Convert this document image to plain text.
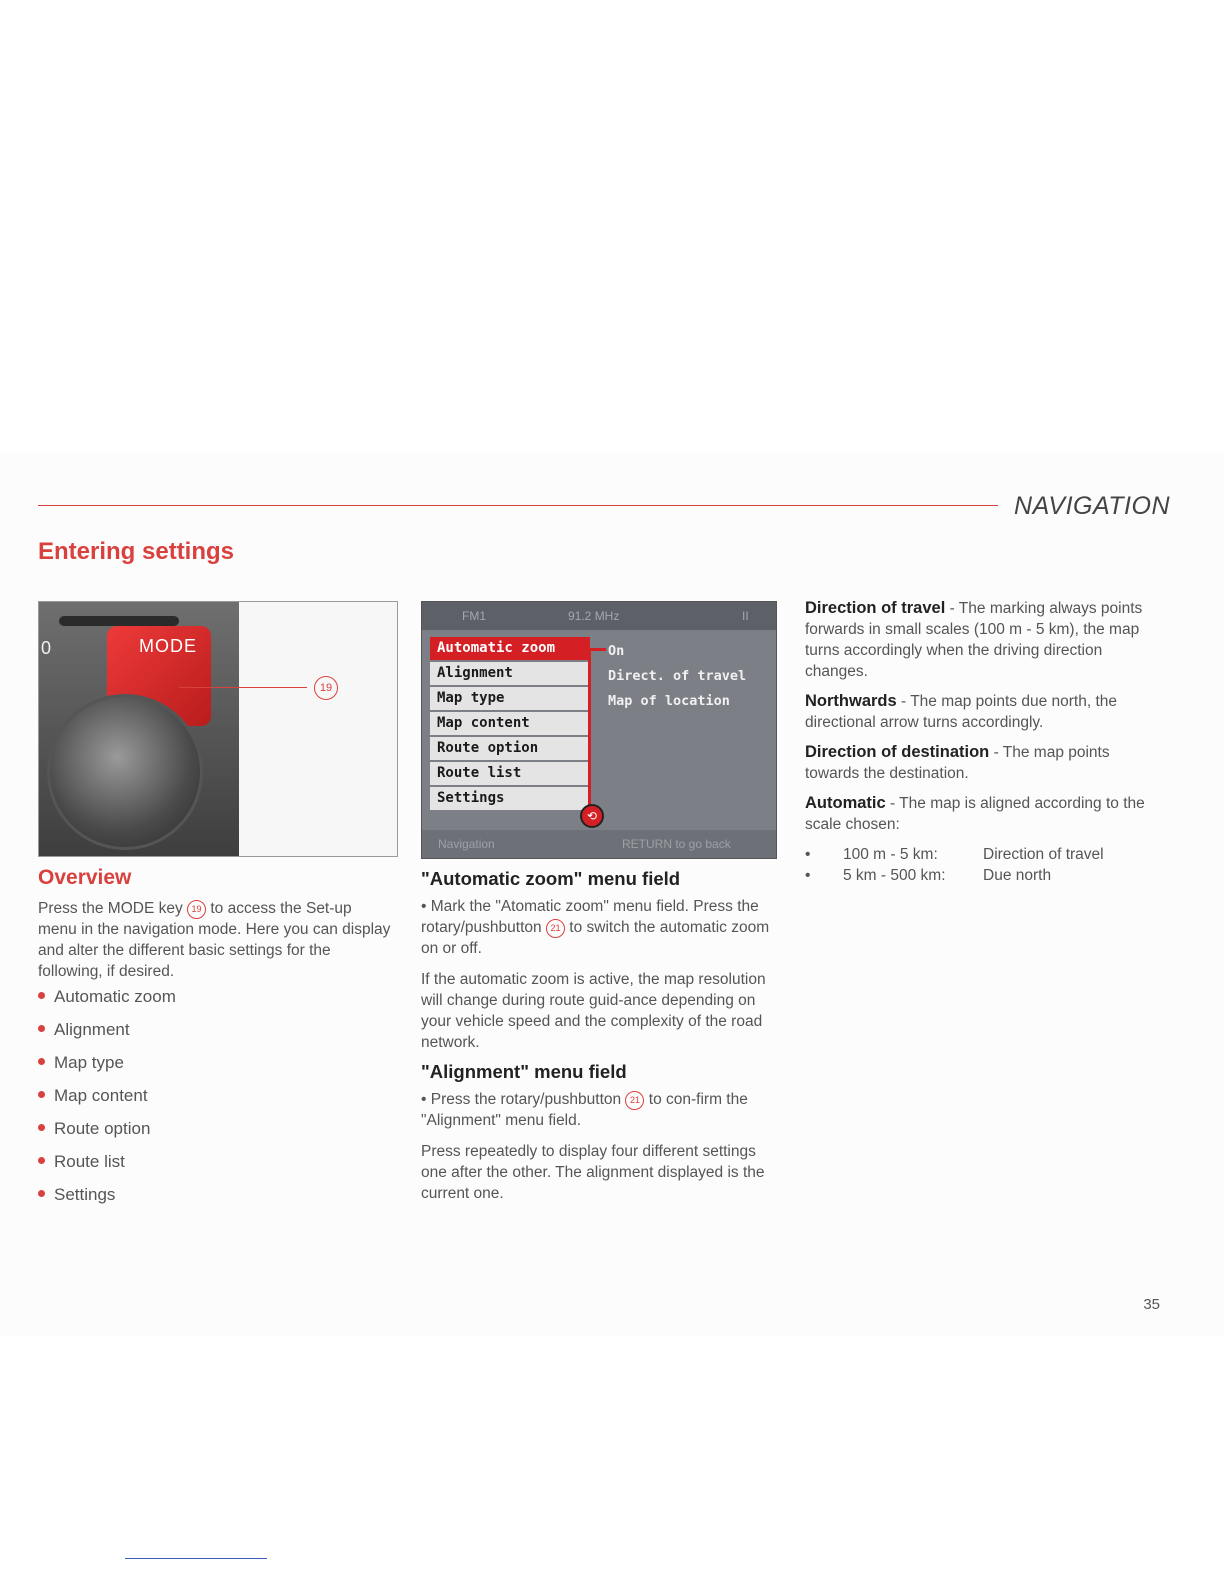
NAVIGATION
Entering settings
0	MODE
19
FM1	91.2 MHz	II
Automatic zoom
Alignment
Map type
Map content
Route option
Route list
Settings
On
Direct. of travel
Map of location
⟲
Navigation	RETURN to go back
Overview

Press the MODE key 19 to access the Set-up menu in the navigation mode. Here you can display and alter the different basic settings for the following, if desired.

Automatic zoom
Alignment
Map type
Map content
Route option
Route list
Settings

"Automatic zoom" menu field

• Mark the "Atomatic zoom" menu field. Press the rotary/pushbutton 21 to switch the automatic zoom on or off.

If the automatic zoom is active, the map resolution will change during route guid-ance depending on your vehicle speed and the complexity of the road network.

"Alignment" menu field

• Press the rotary/pushbutton 21 to con-firm the "Alignment" menu field.

Press repeatedly to display four different settings one after the other. The alignment displayed is the current one.

Direction of travel - The marking always points forwards in small scales (100 m - 5 km), the map turns accordingly when the driving direction changes.

Northwards - The map points due north, the directional arrow turns accordingly.

Direction of destination - The map points towards the destination.

Automatic - The map is aligned according to the scale chosen:

• 100 m - 5 km:	Direction of travel
• 5 km - 500 km: Due north
35
